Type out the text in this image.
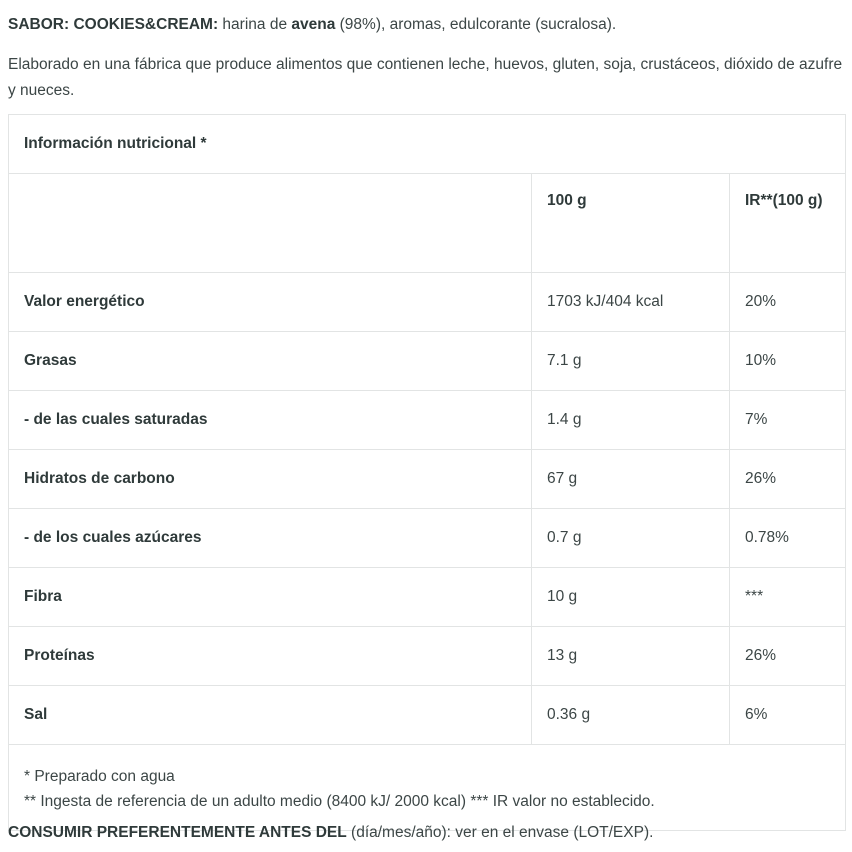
SABOR: COOKIES&CREAM: harina de avena (98%), aromas, edulcorante (sucralosa).

Elaborado en una fábrica que produce alimentos que contienen leche, huevos, gluten, soja, crustáceos, dióxido de azufre y nueces.

Información nutricional *		
	100 g	IR**(100 g)
Valor energético	1703 kJ/404 kcal	20%
Grasas	7.1 g	10%
- de las cuales saturadas	1.4 g	7%
Hidratos de carbono	67 g	26%
- de los cuales azúcares	0.7 g	0.78%
Fibra	10 g	***
Proteínas	13 g	26%
Sal	0.36 g	6%

* Preparado con agua
** Ingesta de referencia de un adulto medio (8400 kJ/ 2000 kcal) *** IR valor no establecido.		

CONSUMIR PREFERENTEMENTE ANTES DEL (día/mes/año): ver en el envase (LOT/EXP).
